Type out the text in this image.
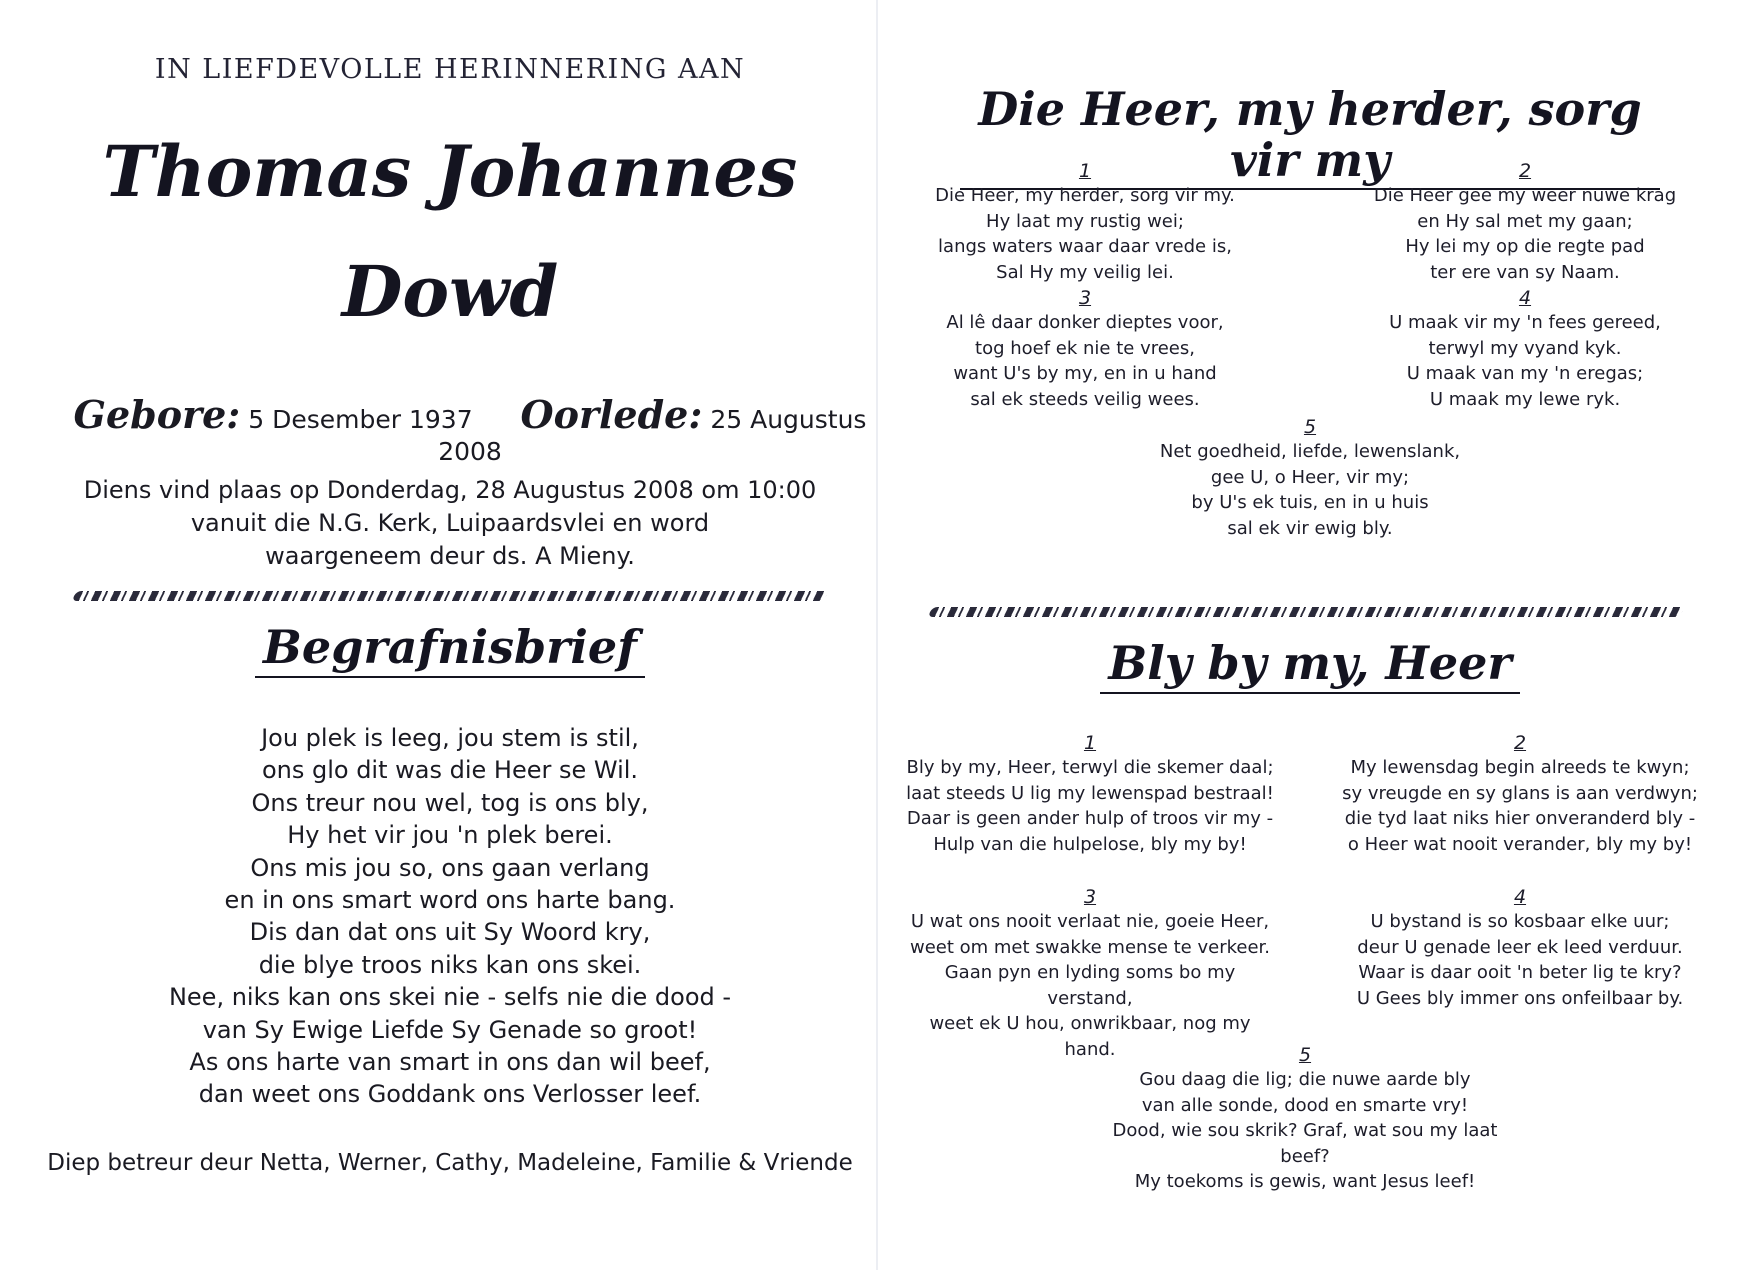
IN LIEFDEVOLLE HERINNERING AAN
Thomas Johannes
Dowd
Gebore: 5 Desember 1937 Oorlede: 25 Augustus 2008
Diens vind plaas op Donderdag, 28 Augustus 2008 om 10:00
vanuit die N.G. Kerk, Luipaardsvlei en word
waargeneem deur ds. A Mieny.
Begrafnisbrief
Jou plek is leeg, jou stem is stil,
ons glo dit was die Heer se Wil.
Ons treur nou wel, tog is ons bly,
Hy het vir jou 'n plek berei.
Ons mis jou so, ons gaan verlang
en in ons smart word ons harte bang.
Dis dan dat ons uit Sy Woord kry,
die blye troos niks kan ons skei.
Nee, niks kan ons skei nie - selfs nie die dood -
van Sy Ewige Liefde Sy Genade so groot!
As ons harte van smart in ons dan wil beef,
dan weet ons Goddank ons Verlosser leef.
Diep betreur deur Netta, Werner, Cathy, Madeleine, Familie & Vriende
Die Heer, my herder, sorg vir my
1
Die Heer, my herder, sorg vir my.
Hy laat my rustig wei;
langs waters waar daar vrede is,
Sal Hy my veilig lei.
2
Die Heer gee my weer nuwe krag
en Hy sal met my gaan;
Hy lei my op die regte pad
ter ere van sy Naam.
3
Al lê daar donker dieptes voor,
tog hoef ek nie te vrees,
want U's by my, en in u hand
sal ek steeds veilig wees.
4
U maak vir my 'n fees gereed,
terwyl my vyand kyk.
U maak van my 'n eregas;
U maak my lewe ryk.
5
Net goedheid, liefde, lewenslank,
gee U, o Heer, vir my;
by U's ek tuis, en in u huis
sal ek vir ewig bly.
Bly by my, Heer
1
Bly by my, Heer, terwyl die skemer daal;
laat steeds U lig my lewenspad bestraal!
Daar is geen ander hulp of troos vir my -
Hulp van die hulpelose, bly my by!
2
My lewensdag begin alreeds te kwyn;
sy vreugde en sy glans is aan verdwyn;
die tyd laat niks hier onveranderd bly -
o Heer wat nooit verander, bly my by!
3
U wat ons nooit verlaat nie, goeie Heer,
weet om met swakke mense te verkeer.
Gaan pyn en lyding soms bo my verstand,
weet ek U hou, onwrikbaar, nog my hand.
4
U bystand is so kosbaar elke uur;
deur U genade leer ek leed verduur.
Waar is daar ooit 'n beter lig te kry?
U Gees bly immer ons onfeilbaar by.
5
Gou daag die lig; die nuwe aarde bly
van alle sonde, dood en smarte vry!
Dood, wie sou skrik? Graf, wat sou my laat beef?
My toekoms is gewis, want Jesus leef!
